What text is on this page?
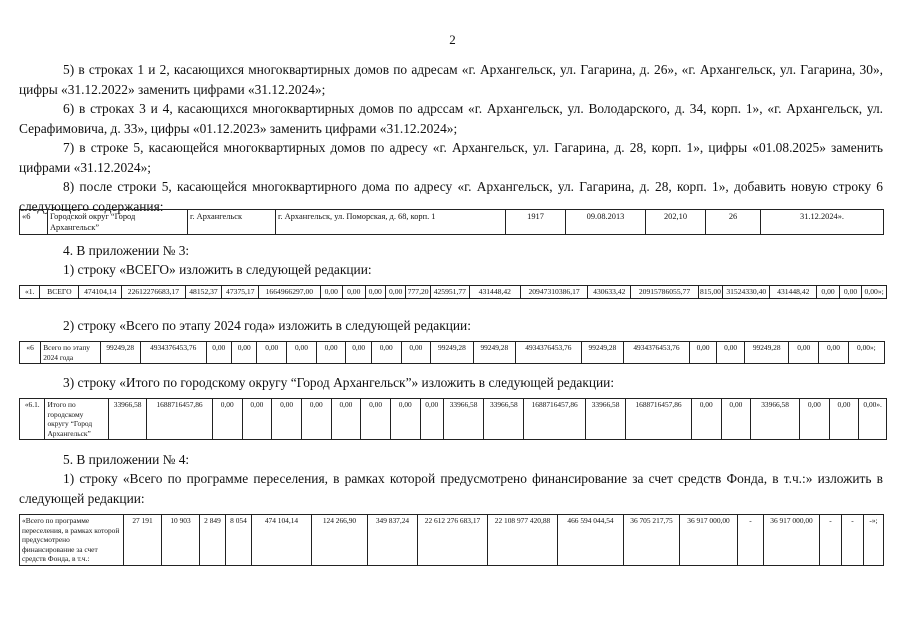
2

5) в строках 1 и 2, касающихся многоквартирных домов по адресам «г. Архангельск, ул. Гагарина, д. 26», «г. Архангельск, ул. Гагарина, 30», цифры «31.12.2022» заменить цифрами «31.12.2024»;

6) в строках 3 и 4, касающихся многоквартирных домов по адрссам «г. Архангельск, ул. Володарского, д. 34, корп. 1», «г. Архангельск, ул. Серафимовича, д. 33», цифры «01.12.2023» заменить цифрами «31.12.2024»;

7) в строке 5, касающейся многоквартирных домов по адресу «г. Архангельск, ул. Гагарина, д. 28, корп. 1», цифры «01.08.2025» заменить цифрами «31.12.2024»;

8) после строки 5, касающейся многоквартирного дома по адресу «г. Архангельск, ул. Гагарина, д. 28, корп. 1», добавить новую строку 6 следующего содержания:

«6	Городской округ “Город Архангельск”	г. Архангельск	г. Архангельск, ул. Поморская, д. 68, корп. 1	1917	09.08.2013	202,10	26	31.12.2024».

4. В приложении № 3:

1) строку «ВСЕГО» изложить в следующей редакции:

«1.	ВСЕГО	474104,14	22612276683,17	48152,37	47375,17	1664966297,00	0,00	0,00	0,00	0,00	777,20	425951,77	431448,42	20947310386,17	430633,42	20915786055,77	815,00	31524330,40	431448,42	0,00	0,00	0,00»;

2) строку «Всего по этапу 2024 года» изложить в следующей редакции:

«6	Всего по этапу 2024 года	99249,28	4934376453,76	0,00	0,00	0,00	0,00	0,00	0,00	0,00	0,00	99249,28	99249,28	4934376453,76	99249,28	4934376453,76	0,00	0,00	99249,28	0,00	0,00	0,00»;

3) строку «Итого по городскому округу “Город Архангельск”» изложить в следующей редакции:

«6.1.	Итого по городскому округу “Город Архангельск”	33966,58	1688716457,86	0,00	0,00	0,00	0,00	0,00	0,00	0,00	0,00	33966,58	33966,58	1688716457,86	33966,58	1688716457,86	0,00	0,00	33966,58	0,00	0,00	0,00».

5. В приложении № 4:

1) строку «Всего по программе переселения, в рамках которой предусмотрено финансирование за счет средств Фонда, в т.ч.:» изложить в следующей редакции:

«Всего по программе переселения, в рамках которой предусмотрено финансирование за счет средств Фонда, в т.ч.:	27 191	10 903	2 849	8 054	474 104,14	124 266,90	349 837,24	22 612 276 683,17	22 108 977 420,88	466 594 044,54	36 705 217,75	36 917 000,00	-	36 917 000,00	-	-	-»;
